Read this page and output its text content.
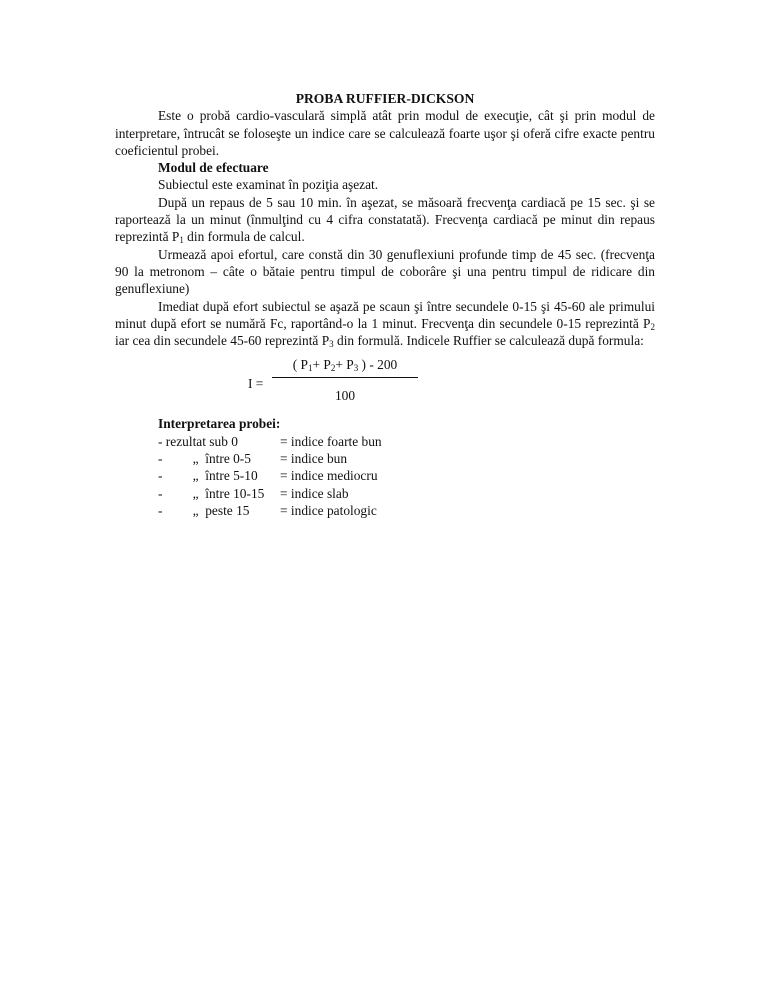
PROBA RUFFIER-DICKSON

Este o probă cardio-vasculară simplă atât prin modul de execuţie, cât şi prin modul de interpretare, întrucât se foloseşte un indice care se calculează foarte uşor şi oferă cifre exacte pentru coeficientul probei.

Modul de efectuare

Subiectul este examinat în poziţia aşezat.

După un repaus de 5 sau 10 min. în aşezat, se măsoară frecvenţa cardiacă pe 15 sec. şi se raportează la un minut (înmulţind cu 4 cifra constatată). Frecvenţa cardiacă pe minut din repaus reprezintă $P_1$ din formula de calcul.

Urmează apoi efortul, care constă din 30 genuflexiuni profunde timp de 45 sec. (frecvenţa 90 la metronom – câte o bătaie pentru timpul de coborâre şi una pentru timpul de ridicare din genuflexiune)

Imediat după efort subiectul se aşază pe scaun şi între secundele 0-15 şi 45-60 ale primului minut după efort se numără Fc, raportând-o la 1 minut. Frecvenţa din secundele 0-15 reprezintă $P_2$ iar cea din secundele 45-60 reprezintă $P_3$ din formulă. Indicele Ruffier se calculează după formula:

I =
( $P_1+ P_2+ P_3$ ) - 200
100

Interpretarea probei:

- rezultat sub 0	= indice foarte bun
-         „  între 0-5	= indice bun
-         „  între 5-10	= indice mediocru
-         „  între 10-15	= indice slab
-         „  peste 15	= indice patologic
